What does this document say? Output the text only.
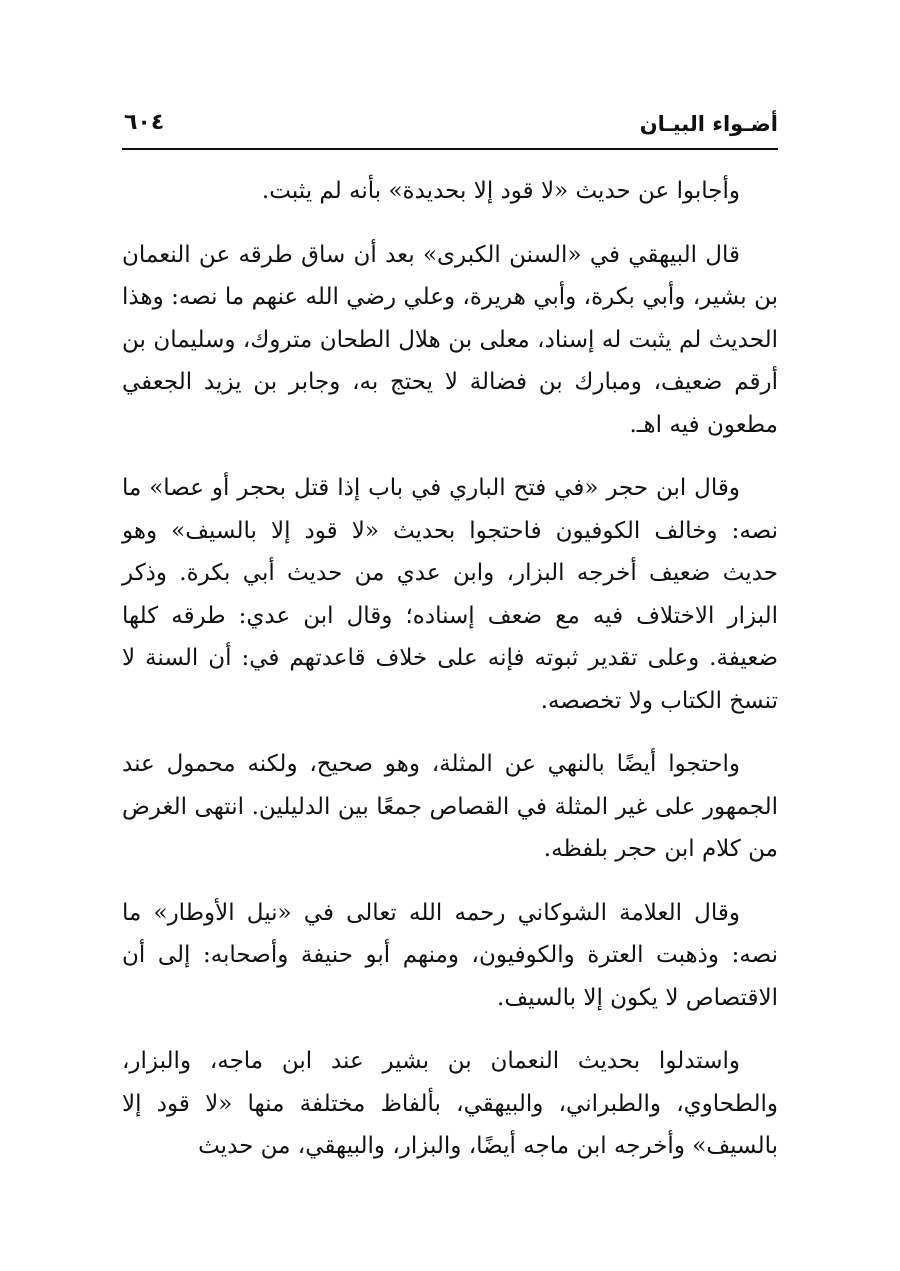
أضـواء البيـان
٦٠٤

وأجابوا عن حديث «لا قود إلا بحديدة» بأنه لم يثبت.

قال البيهقي في «السنن الكبرى» بعد أن ساق طرقه عن النعمان بن بشير، وأبي بكرة، وأبي هريرة، وعلي رضي الله عنهم ما نصه: وهذا الحديث لم يثبت له إسناد، معلى بن هلال الطحان متروك، وسليمان بن أرقم ضعيف، ومبارك بن فضالة لا يحتج به، وجابر بن يزيد الجعفي مطعون فيه اهـ.

وقال ابن حجر «في فتح الباري في باب إذا قتل بحجر أو عصا» ما نصه: وخالف الكوفيون فاحتجوا بحديث «لا قود إلا بالسيف» وهو حديث ضعيف أخرجه البزار، وابن عدي من حديث أبي بكرة. وذكر البزار الاختلاف فيه مع ضعف إسناده؛ وقال ابن عدي: طرقه كلها ضعيفة. وعلى تقدير ثبوته فإنه على خلاف قاعدتهم في: أن السنة لا تنسخ الكتاب ولا تخصصه.

واحتجوا أيضًا بالنهي عن المثلة، وهو صحيح، ولكنه محمول عند الجمهور على غير المثلة في القصاص جمعًا بين الدليلين. انتهى الغرض من كلام ابن حجر بلفظه.

وقال العلامة الشوكاني رحمه الله تعالى في «نيل الأوطار» ما نصه: وذهبت العترة والكوفيون، ومنهم أبو حنيفة وأصحابه: إلى أن الاقتصاص لا يكون إلا بالسيف.

واستدلوا بحديث النعمان بن بشير عند ابن ماجه، والبزار، والطحاوي، والطبراني، والبيهقي، بألفاظ مختلفة منها «لا قود إلا بالسيف» وأخرجه ابن ماجه أيضًا، والبزار، والبيهقي، من حديث
